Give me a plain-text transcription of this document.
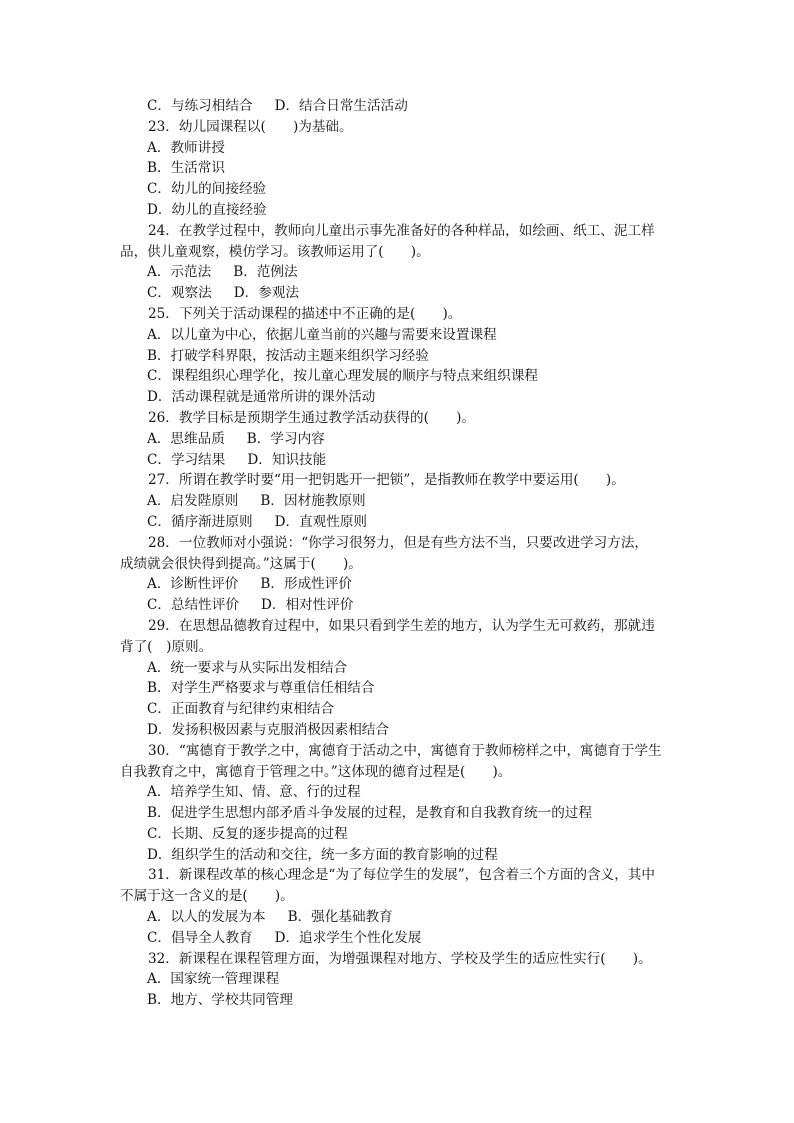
C．与练习相结合 D．结合日常生活活动
23．幼儿园课程以(　　)为基础。
A．教师讲授
B．生活常识
C．幼儿的间接经验
D．幼儿的直接经验
24．在教学过程中，教师向儿童出示事先准备好的各种样品，如绘画、纸工、泥工样
品，供儿童观察，模仿学习。该教师运用了(　　)。
A．示范法 B．范例法
C．观察法 D．参观法
25．下列关于活动课程的描述中不正确的是(　　)。
A．以儿童为中心，依据儿童当前的兴趣与需要来设置课程
B．打破学科界限，按活动主题来组织学习经验
C．课程组织心理学化，按儿童心理发展的顺序与特点来组织课程
D．活动课程就是通常所讲的课外活动
26．教学目标是预期学生通过教学活动获得的(　　)。
A．思维品质 B．学习内容
C．学习结果 D．知识技能
27．所谓在教学时要“用一把钥匙开一把锁”，是指教师在教学中要运用(　　)。
A．启发陛原则 B．因材施教原则
C．循序渐进原则 D．直观性原则
28．一位教师对小强说：“你学习很努力，但是有些方法不当，只要改进学习方法，
成绩就会很快得到提高。”这属于(　　)。
A．诊断性评价 B．形成性评价
C．总结性评价 D．相对性评价
29．在思想品德教育过程中，如果只看到学生差的地方，认为学生无可救药，那就违
背了(　)原则。
A．统一要求与从实际出发相结合
B．对学生严格要求与尊重信任相结合
C．正面教育与纪律约束相结合
D．发扬积极因素与克服消极因素相结合
30．“寓德育于教学之中，寓德育于活动之中，寓德育于教师榜样之中，寓德育于学生
自我教育之中，寓德育于管理之中。”这体现的德育过程是(　　)。
A．培养学生知、情、意、行的过程
B．促进学生思想内部矛盾斗争发展的过程，是教育和自我教育统一的过程
C．长期、反复的逐步提高的过程
D．组织学生的活动和交往，统一多方面的教育影响的过程
31．新课程改革的核心理念是“为了每位学生的发展”，包含着三个方面的含义，其中
不属于这一含义的是(　　)。
A．以人的发展为本 B．强化基础教育
C．倡导全人教育 D．追求学生个性化发展
32．新课程在课程管理方面，为增强课程对地方、学校及学生的适应性实行(　　)。
A．国家统一管理课程
B．地方、学校共同管理
